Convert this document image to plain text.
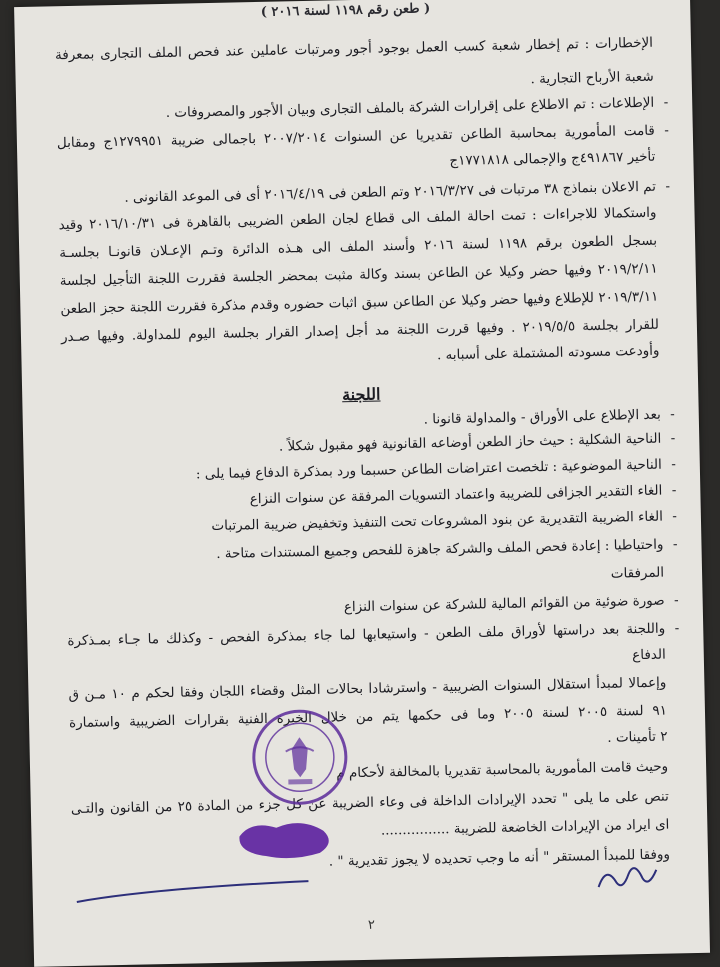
( طعن رقم ١١٩٨ لسنة ٢٠١٦ )
الإخطارات : تم إخطار شعبة كسب العمل بوجود أجور ومرتبات عاملين عند فحص الملف التجارى بمعرفة
شعبة الأرباح التجارية .
- الإطلاعات : تم الاطلاع على إقرارات الشركة بالملف التجارى وبيان الأجور والمصروفات .
- قامت المأمورية بمحاسبة الطاعن تقديريا عن السنوات ٢٠٠٧/٢٠١٤ باجمالى ضريبة ١٢٧٩٩٥١ج ومقابل
تأخير ٤٩١٨٦٧ج والإجمالى ١٧٧١٨١٨ج
- تم الاعلان بنماذج ٣٨ مرتبات فى ٢٠١٦/٣/٢٧ وتم الطعن فى ٢٠١٦/٤/١٩ أى فى الموعد القانونى .
واستكمالا للاجراءات : تمت احالة الملف الى قطاع لجان الطعن الضريبى بالقاهرة فى ٢٠١٦/١٠/٣١ وقيد
بسجل الطعون برقم ١١٩٨ لسنة ٢٠١٦ وأسند الملف الى هـذه الدائرة وتـم الإعـلان قانونـا بجلسـة
٢٠١٩/٢/١١ وفيها حضر وكيلا عن الطاعن بسند وكالة مثبت بمحضر الجلسة فقررت اللجنة التأجيل لجلسة
٢٠١٩/٣/١١ للإطلاع وفيها حضر وكيلا عن الطاعن سبق اثبات حضوره وقدم مذكرة فقررت اللجنة حجز الطعن
للقرار بجلسة ٢٠١٩/٥/٥ . وفيها قررت اللجنة مد أجل إصدار القرار بجلسة اليوم للمداولة. وفيها صـدر
وأودعت مسودته المشتملة على أسبابه .
اللجنة
- بعد الإطلاع على الأوراق - والمداولة قانونا .
- الناحية الشكلية : حيث حاز الطعن أوضاعه القانونية فهو مقبول شكلاً .
- الناحية الموضوعية : تلخصت اعتراضات الطاعن حسبما ورد بمذكرة الدفاع فيما يلى :
- الغاء التقدير الجزافى للضريبة واعتماد التسويات المرفقة عن سنوات النزاع
- الغاء الضريبة التقديرية عن بنود المشروعات تحت التنفيذ وتخفيض ضريبة المرتبات
- واحتياطيا : إعادة فحص الملف والشركة جاهزة للفحص وجميع المستندات متاحة .
المرفقات
- صورة ضوئية من القوائم المالية للشركة عن سنوات النزاع
- واللجنة بعد دراستها لأوراق ملف الطعن - واستيعابها لما جاء بمذكرة الفحص - وكذلك ما جـاء بمـذكرة
الدفاع
وإعمالا لمبدأ استقلال السنوات الضريبية - واسترشادا بحالات المثل وقضاء اللجان وفقا لحكم م ١٠ مـن ق
٩١ لسنة ٢٠٠٥ لسنة ٢٠٠٥ وما فى حكمها يتم من خلال الخبرة الفنية بقرارات الضريبية واستمارة
٢ تأمينات .
وحيث قامت المأمورية بالمحاسبة تقديريا بالمخالفة لأحكام م
تنص على ما يلى " تحدد الإيرادات الداخلة فى وعاء الضريبة عن كل جزء من المادة ٢٥ من القانون والتـى
اى ايراد من الإيرادات الخاضعة للضريبة ................
ووفقا للمبدأ المستقر " أنه ما وجب تحديده لا يجوز تقديرية " .
٢
